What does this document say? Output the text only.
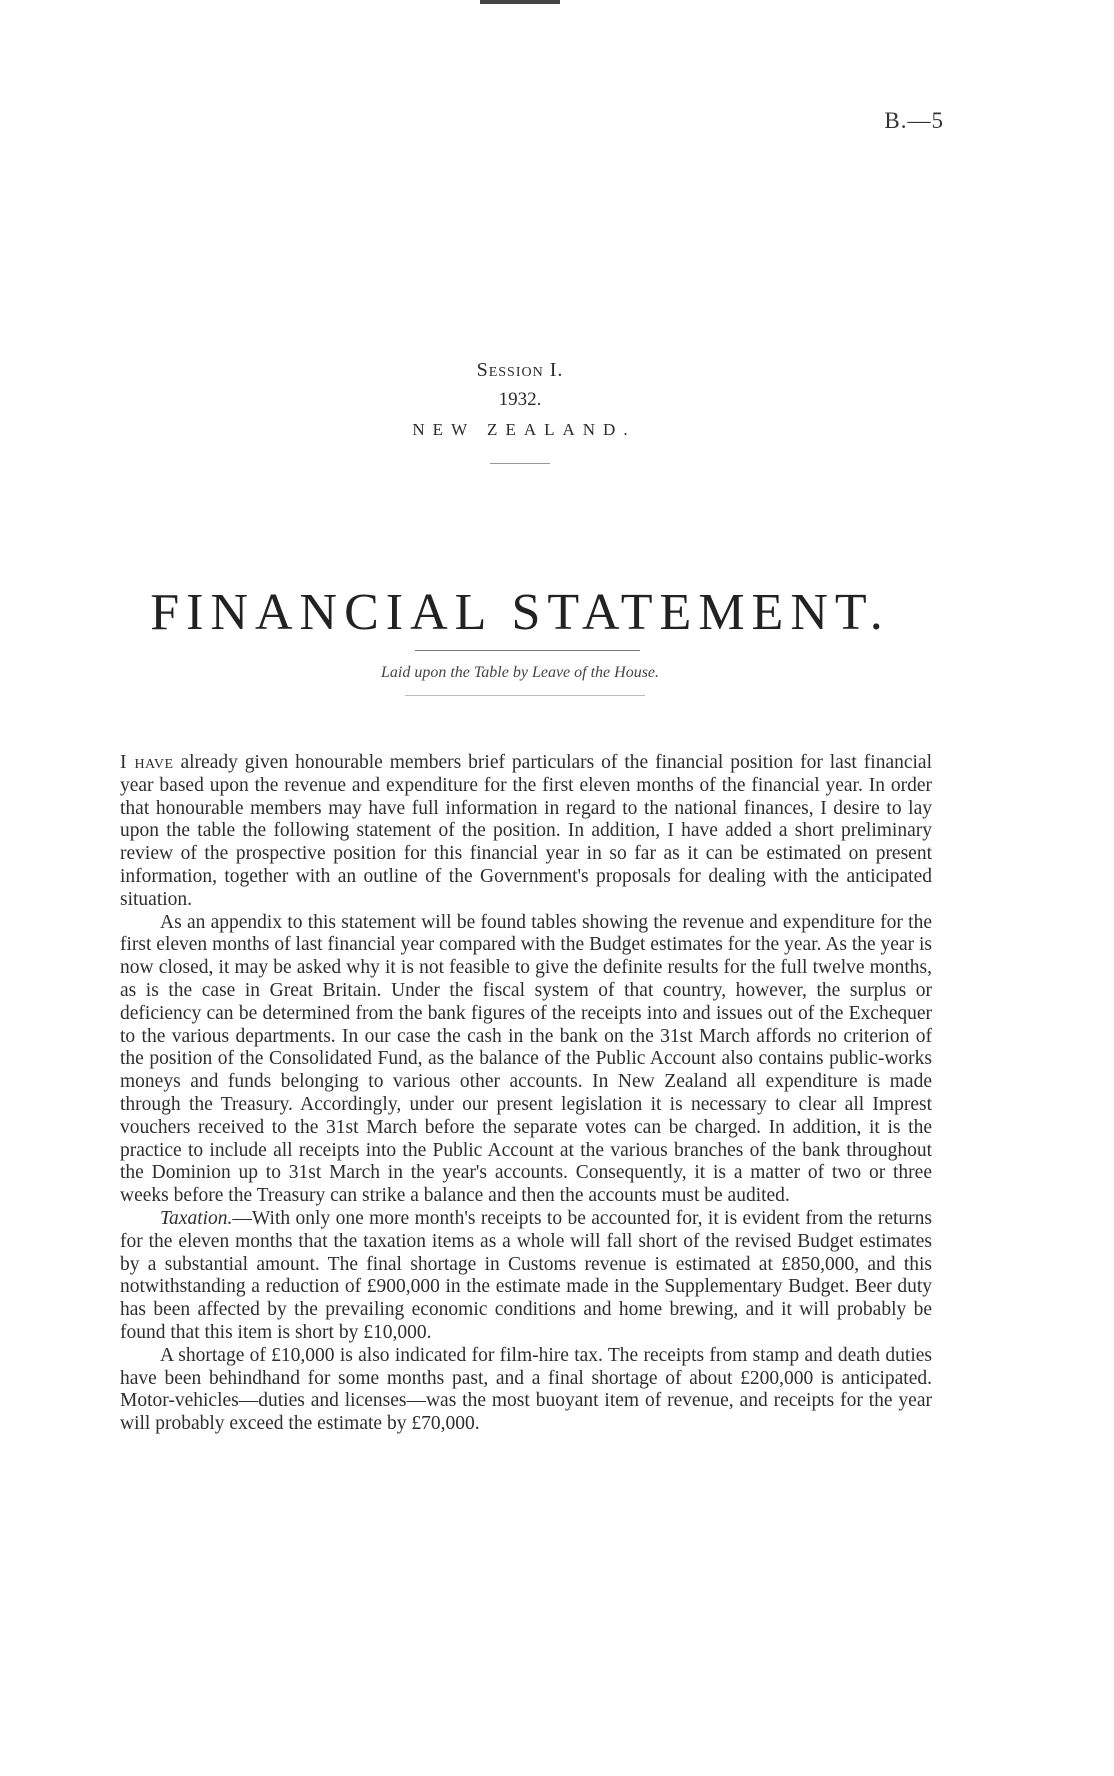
B.—5
Session I.
1932.
NEW ZEALAND.
FINANCIAL STATEMENT.
Laid upon the Table by Leave of the House.

I have already given honourable members brief particulars of the financial position for last financial year based upon the revenue and expenditure for the first eleven months of the financial year. In order that honourable members may have full information in regard to the national finances, I desire to lay upon the table the following statement of the position. In addition, I have added a short preliminary review of the prospective position for this financial year in so far as it can be estimated on present information, together with an outline of the Government's proposals for dealing with the anticipated situation.

As an appendix to this statement will be found tables showing the revenue and expenditure for the first eleven months of last financial year compared with the Budget estimates for the year. As the year is now closed, it may be asked why it is not feasible to give the definite results for the full twelve months, as is the case in Great Britain. Under the fiscal system of that country, however, the surplus or deficiency can be determined from the bank figures of the receipts into and issues out of the Exchequer to the various departments. In our case the cash in the bank on the 31st March affords no criterion of the position of the Consolidated Fund, as the balance of the Public Account also contains public-works moneys and funds belonging to various other accounts. In New Zealand all expenditure is made through the Treasury. Accordingly, under our present legislation it is necessary to clear all Imprest vouchers received to the 31st March before the separate votes can be charged. In addition, it is the practice to include all receipts into the Public Account at the various branches of the bank throughout the Dominion up to 31st March in the year's accounts. Consequently, it is a matter of two or three weeks before the Treasury can strike a balance and then the accounts must be audited.

Taxation.—With only one more month's receipts to be accounted for, it is evident from the returns for the eleven months that the taxation items as a whole will fall short of the revised Budget estimates by a substantial amount. The final shortage in Customs revenue is estimated at £850,000, and this notwithstanding a reduction of £900,000 in the estimate made in the Supplementary Budget. Beer duty has been affected by the prevailing economic conditions and home brewing, and it will probably be found that this item is short by £10,000.

A shortage of £10,000 is also indicated for film-hire tax. The receipts from stamp and death duties have been behindhand for some months past, and a final shortage of about £200,000 is anticipated. Motor-vehicles—duties and licenses—was the most buoyant item of revenue, and receipts for the year will probably exceed the estimate by £70,000.
